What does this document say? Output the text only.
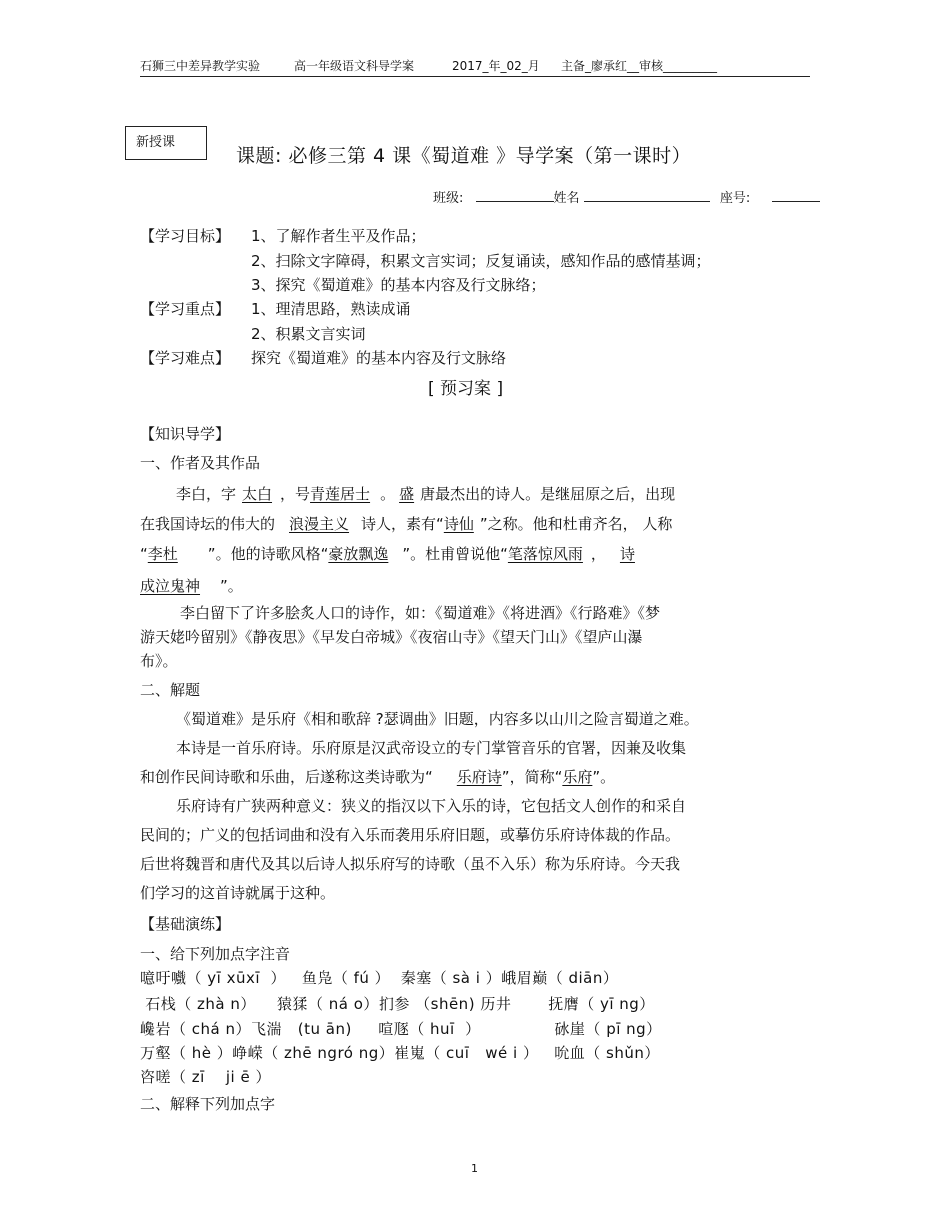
石狮三中差异教学实验	高一年级语文科导学案	2017_年_02_月 主备_廖承红__审核_________
新授课
课题: 必修三第 4 课《蜀道难 》导学案（第一课时）
班级:	姓名	座号:
【学习目标】 1、了解作者生平及作品；
2、扫除文字障碍，积累文言实词；反复诵读，感知作品的感情基调；
3、探究《蜀道难》的基本内容及行文脉络；
【学习重点】 1、理清思路，熟读成诵
2、积累文言实词
【学习难点】 探究《蜀道难》的基本内容及行文脉络
[ 预习案 ]
【知识导学】
一、作者及其作品
李白，字 太白 ，号青莲居士 。 盛 唐最杰出的诗人。是继屈原之后，出现
在我国诗坛的伟大的 浪漫主义 诗人，素有“诗仙 ”之称。他和杜甫齐名， 人称
“李杜 ”。他的诗歌风格“豪放飘逸 ”。杜甫曾说他“笔落惊风雨 ， 诗
成泣鬼神 ”。
李白留下了许多脍炙人口的诗作，如：《蜀道难》《将进酒》《行路难》《梦
游天姥吟留别》《静夜思》《早发白帝城》《夜宿山寺》《望天门山》《望庐山瀑
布》。
二、解题
《蜀道难》是乐府《相和歌辞 ?瑟调曲》旧题，内容多以山川之险言蜀道之难。
本诗是一首乐府诗。乐府原是汉武帝设立的专门掌管音乐的官署，因兼及收集
和创作民间诗歌和乐曲，后遂称这类诗歌为“ 乐府诗”，简称“乐府”。
乐府诗有广狭两种意义：狭义的指汉以下入乐的诗，它包括文人创作的和采自
民间的；广义的包括词曲和没有入乐而袭用乐府旧题，或摹仿乐府诗体裁的作品。
后世将魏晋和唐代及其以后诗人拟乐府写的诗歌（虽不入乐）称为乐府诗。今天我
们学习的这首诗就属于这种。
【基础演练】
一、给下列加点字注音
噫吁嚱（ yī xūxī  ）   鱼凫（ fú ）  秦塞（ sà i ）峨眉巅（ diān）
石栈（ zhà n）    猿猱（ ná o）扪参 （shēn) 历井       抚膺（ yī ng）
巉岩（ chá n）飞湍   (tu ān)     喧豗（ huī  ）              砅崖（ pī ng）
万壑（ hè ）峥嵘（ zhē ngró ng）崔嵬（ cuī   wé i ）   吮血（ shǔn）
咨嗟（ zī    ji ē ）
二、解释下列加点字
1
